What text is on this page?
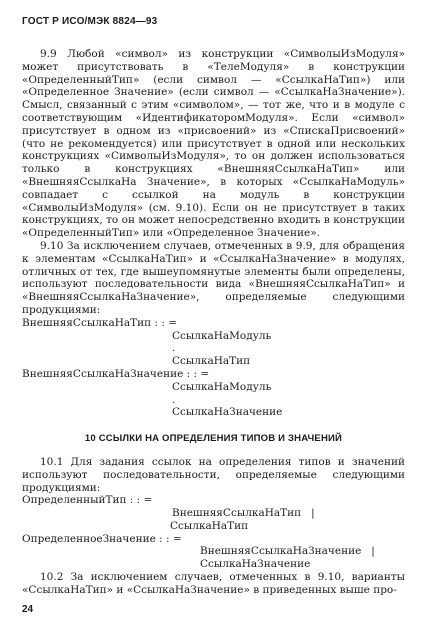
ГОСТ Р ИСО/МЭК 8824—93

9.9 Любой «символ» из конструкции «СимволыИзМодуля» может присутствовать в «ТелеМодуля» в конструкции «ОпределенныйТип» (если символ — «СсылкаНаТип») или «Определенное Значение» (если символ — «СсылкаНаЗначение»). Смысл, связанный с этим «символом», — тот же, что и в модуле с соответствующим «ИдентификаторомМодуля». Если «символ» присутствует в одном из «присвоений» из «СпискаПрисвоений» (что не рекомендуется) или присутствует в одной или нескольких конструкциях «СимволыИзМодуля», то он должен использоваться только в конструкциях «ВнешняяСсылкаНаТип» или «ВнешняяСсылкаНа Значение», в которых «СсылкаНаМодуль» совпадает с ссылкой на модуль в конструкции «СимволыИзМодуля» (см. 9.10). Если он не присутствует в таких конструкциях, то он может непосредственно входить в конструкции «ОпределенныйТип» или «Определенное Значение».

9.10 За исключением случаев, отмеченных в 9.9, для обращения к элементам «СсылкаНаТип» и «СсылкаНаЗначение» в модулях, отличных от тех, где вышеупомянутые элементы были определены, используют последовательности вида «ВнешняяСсылкаНаТип» и «ВнешняяСсылкаНаЗначение», определяемые следующими продукциями:

ВнешняяСсылкаНаТип : : =
СсылкаНаМодуль
.
СсылкаНаТип
ВнешняяСсылкаНаЗначение : : =
СсылкаНаМодуль
.
СсылкаНаЗначение
10 ССЫЛКИ НА ОПРЕДЕЛЕНИЯ ТИПОВ И ЗНАЧЕНИЙ

10.1 Для задания ссылок на определения типов и значений используют последовательности, определяемые следующими продукциями:

ОпределенныйТип : : =
ВнешняяСсылкаНаТип |
СсылкаНаТип
ОпределенноеЗначение : : =
ВнешняяСсылкаНаЗначение |
СсылкаНаЗначение

10.2 За исключением случаев, отмеченных в 9.10, варианты «СсылкаНаТип» и «СсылкаНаЗначение» в приведенных выше про-

24
